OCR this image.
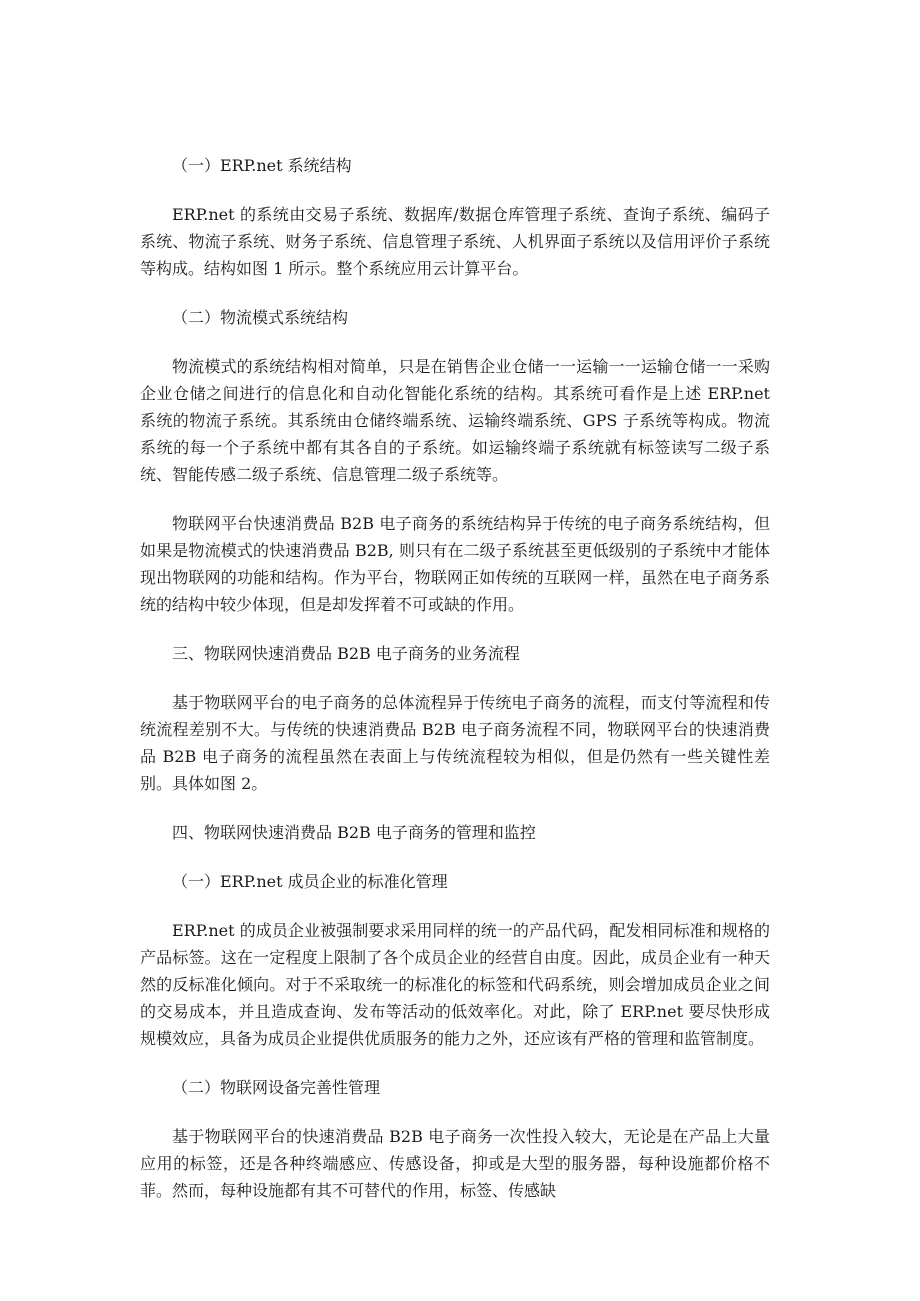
（一）ERP.net 系统结构

ERP.net 的系统由交易子系统、数据库/数据仓库管理子系统、查询子系统、编码子系统、物流子系统、财务子系统、信息管理子系统、人机界面子系统以及信用评价子系统等构成。结构如图 1 所示。整个系统应用云计算平台。

（二）物流模式系统结构

物流模式的系统结构相对简单，只是在销售企业仓储一一运输一一运输仓储一一采购企业仓储之间进行的信息化和自动化智能化系统的结构。其系统可看作是上述 ERP.net 系统的物流子系统。其系统由仓储终端系统、运输终端系统、GPS 子系统等构成。物流系统的每一个子系统中都有其各自的子系统。如运输终端子系统就有标签读写二级子系统、智能传感二级子系统、信息管理二级子系统等。

物联网平台快速消费品 B2B 电子商务的系统结构异于传统的电子商务系统结构，但如果是物流模式的快速消费品 B2B, 则只有在二级子系统甚至更低级别的子系统中才能体现出物联网的功能和结构。作为平台，物联网正如传统的互联网一样，虽然在电子商务系统的结构中较少体现，但是却发挥着不可或缺的作用。

三、物联网快速消费品 B2B 电子商务的业务流程

基于物联网平台的电子商务的总体流程异于传统电子商务的流程，而支付等流程和传统流程差别不大。与传统的快速消费品 B2B 电子商务流程不同，物联网平台的快速消费品 B2B 电子商务的流程虽然在表面上与传统流程较为相似，但是仍然有一些关键性差别。具体如图 2。

四、物联网快速消费品 B2B 电子商务的管理和监控

（一）ERP.net 成员企业的标准化管理

ERP.net 的成员企业被强制要求采用同样的统一的产品代码，配发相同标准和规格的产品标签。这在一定程度上限制了各个成员企业的经营自由度。因此，成员企业有一种天然的反标准化倾向。对于不采取统一的标准化的标签和代码系统，则会增加成员企业之间的交易成本，并且造成查询、发布等活动的低效率化。对此，除了 ERP.net 要尽快形成规模效应，具备为成员企业提供优质服务的能力之外，还应该有严格的管理和监管制度。

（二）物联网设备完善性管理

基于物联网平台的快速消费品 B2B 电子商务一次性投入较大，无论是在产品上大量应用的标签，还是各种终端感应、传感设备，抑或是大型的服务器，每种设施都价格不菲。然而，每种设施都有其不可替代的作用，标签、传感缺
